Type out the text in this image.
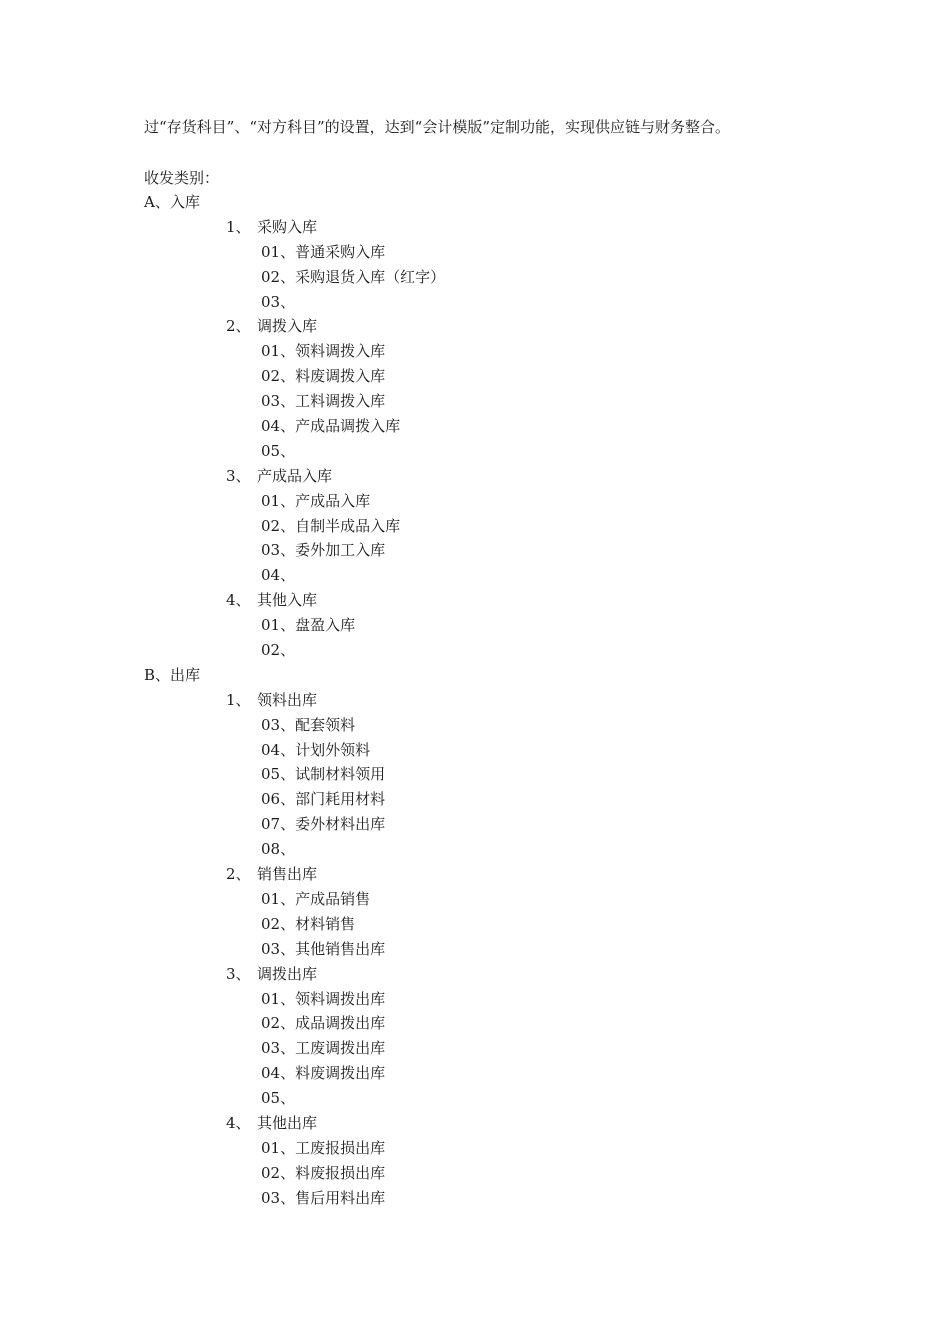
过“存货科目”、“对方科目”的设置，达到“会计模版”定制功能，实现供应链与财务整合。

收发类别：

A、入库
1、 采购入库
01、普通采购入库
02、采购退货入库（红字）
03、
2、 调拨入库
01、领料调拨入库
02、料废调拨入库
03、工料调拨入库
04、产成品调拨入库
05、
3、 产成品入库
01、产成品入库
02、自制半成品入库
03、委外加工入库
04、
4、 其他入库
01、盘盈入库
02、
B、出库
1、 领料出库
03、配套领料
04、计划外领料
05、试制材料领用
06、部门耗用材料
07、委外材料出库
08、
2、 销售出库
01、产成品销售
02、材料销售
03、其他销售出库
3、 调拨出库
01、领料调拨出库
02、成品调拨出库
03、工废调拨出库
04、料废调拨出库
05、
4、 其他出库
01、工废报损出库
02、料废报损出库
03、售后用料出库
